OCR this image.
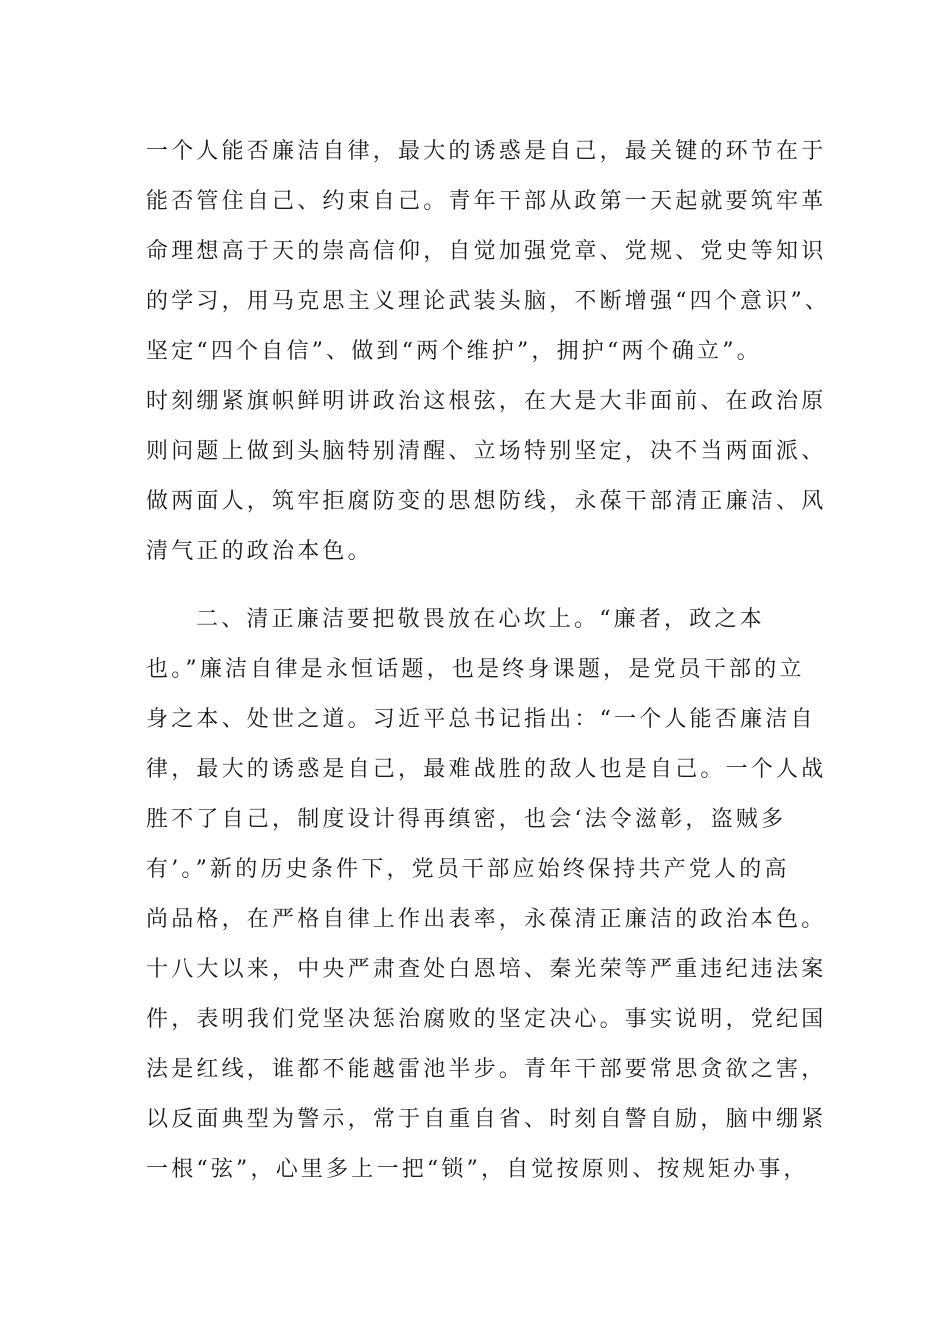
一个人能否廉洁自律，最大的诱惑是自己，最关键的环节在于

能否管住自己、约束自己。青年干部从政第一天起就要筑牢革

命理想高于天的崇高信仰，自觉加强党章、党规、党史等知识

的学习，用马克思主义理论武装头脑，不断增强“四个意识”、

坚定“四个自信”、做到“两个维护”，拥护“两个确立”。

时刻绷紧旗帜鲜明讲政治这根弦，在大是大非面前、在政治原

则问题上做到头脑特别清醒、立场特别坚定，决不当两面派、

做两面人，筑牢拒腐防变的思想防线，永葆干部清正廉洁、风

清气正的政治本色。

二、清正廉洁要把敬畏放在心坎上。“廉者，政之本

也。”廉洁自律是永恒话题，也是终身课题，是党员干部的立

身之本、处世之道。习近平总书记指出：“一个人能否廉洁自

律，最大的诱惑是自己，最难战胜的敌人也是自己。一个人战

胜不了自己，制度设计得再缜密，也会‘法令滋彰，盗贼多

有’。”新的历史条件下，党员干部应始终保持共产党人的高

尚品格，在严格自律上作出表率，永葆清正廉洁的政治本色。

十八大以来，中央严肃查处白恩培、秦光荣等严重违纪违法案

件，表明我们党坚决惩治腐败的坚定决心。事实说明，党纪国

法是红线，谁都不能越雷池半步。青年干部要常思贪欲之害，

以反面典型为警示，常于自重自省、时刻自警自励，脑中绷紧

一根“弦”，心里多上一把“锁”，自觉按原则、按规矩办事，
